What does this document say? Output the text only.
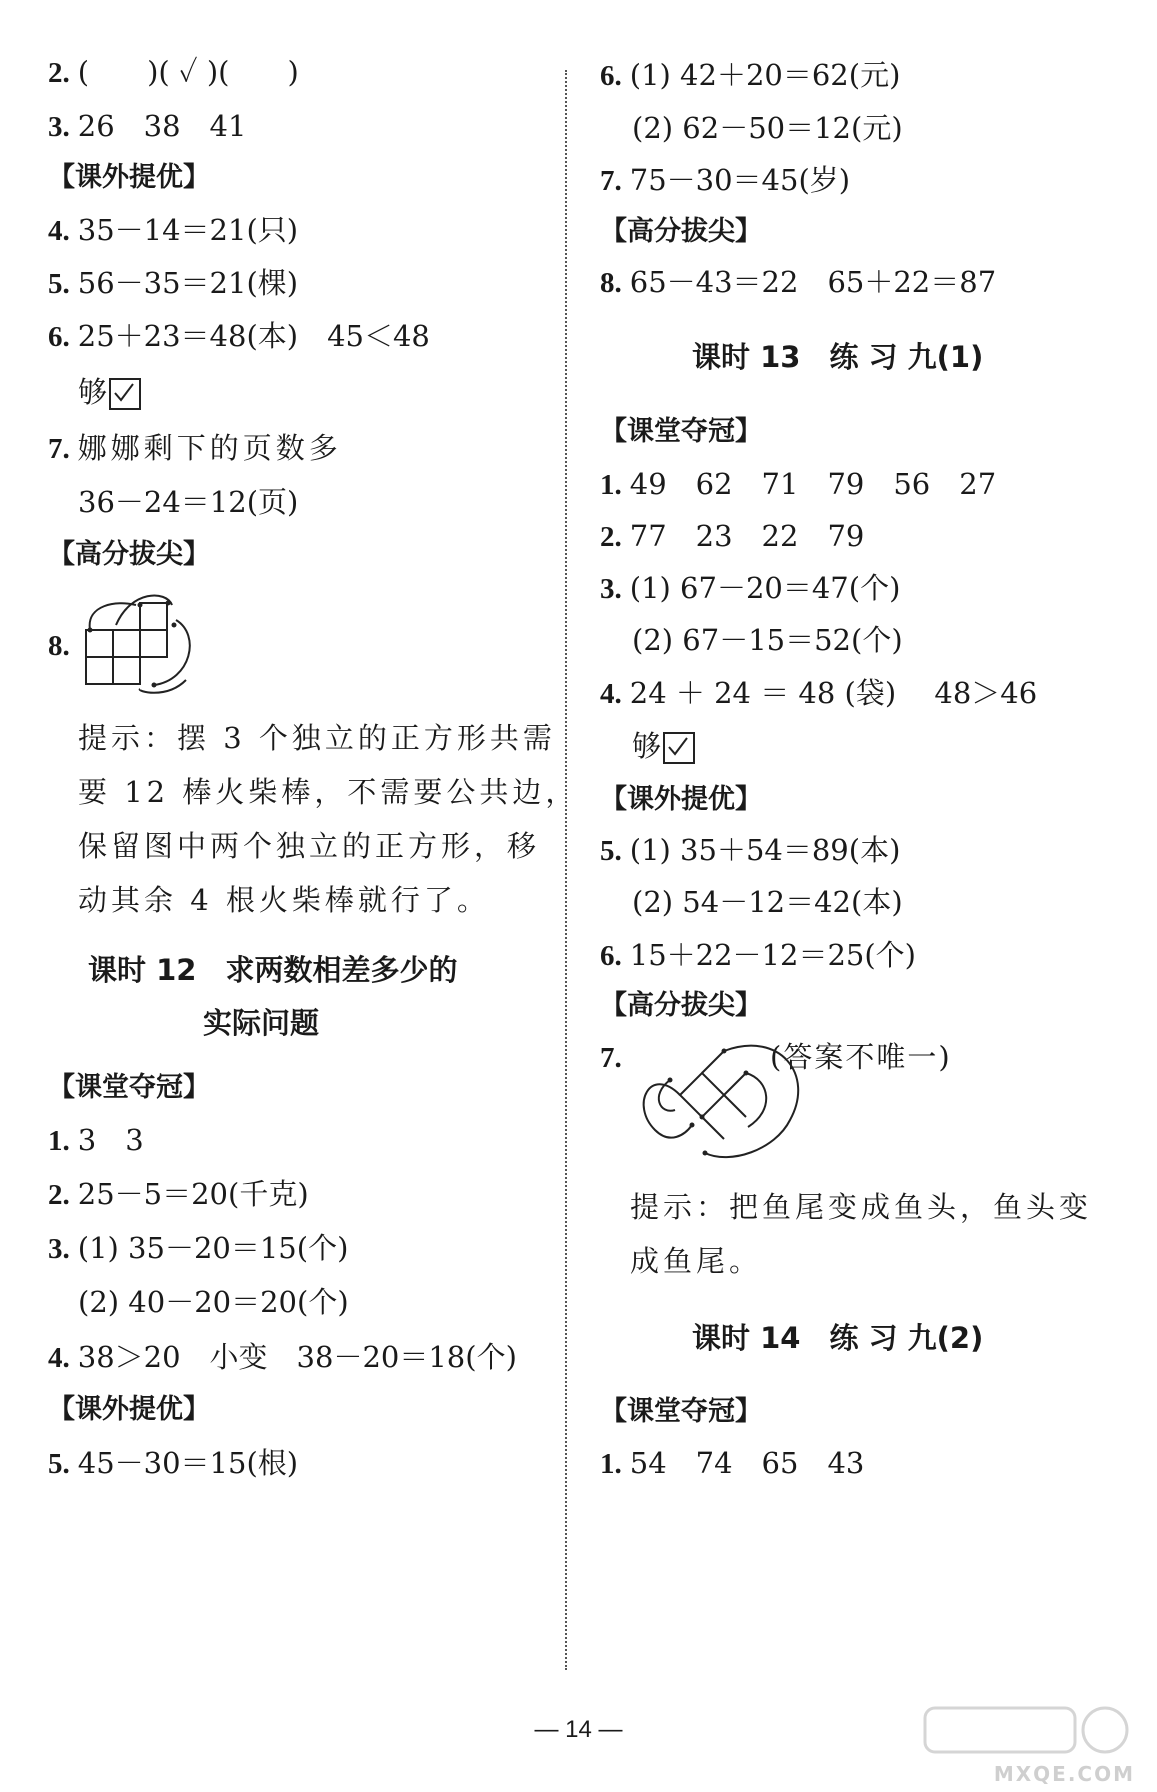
2. (　　)( ✓ )(　　)
3. 26　38　41
【课外提优】
4. 35－14＝21(只)
5. 56－35＝21(棵)
6. 25＋23＝48(本)　45＜48
够
7. 娜娜剩下的页数多
36－24＝12(页)
【高分拔尖】
8.
提示：摆 3 个独立的正方形共需
要 12 棒火柴棒，不需要公共边，
保留图中两个独立的正方形，移
动其余 4 根火柴棒就行了。
课时 12　求两数相差多少的
实际问题
【课堂夺冠】
1. 3　3
2. 25－5＝20(千克)
3. (1) 35－20＝15(个)
(2) 40－20＝20(个)
4. 38＞20　小变　38－20＝18(个)
【课外提优】
5. 45－30＝15(根)
6. (1) 42＋20＝62(元)
(2) 62－50＝12(元)
7. 75－30＝45(岁)
【高分拔尖】
8. 65－43＝22　65＋22＝87
课时 13　练 习 九(1)
【课堂夺冠】
1. 49　62　71　79　56　27
2. 77　23　22　79
3. (1) 67－20＝47(个)
(2) 67－15＝52(个)
4. 24 ＋ 24 ＝ 48 (袋)　 48＞46
够
【课外提优】
5. (1) 35＋54＝89(本)
(2) 54－12＝42(本)
6. 15＋22－12＝25(个)
【高分拔尖】
7.	(答案不唯一)
提示：把鱼尾变成鱼头，鱼头变
成鱼尾。
课时 14　练 习 九(2)
【课堂夺冠】
1. 54　74　65　43
— 14 —
MXQE.COM
